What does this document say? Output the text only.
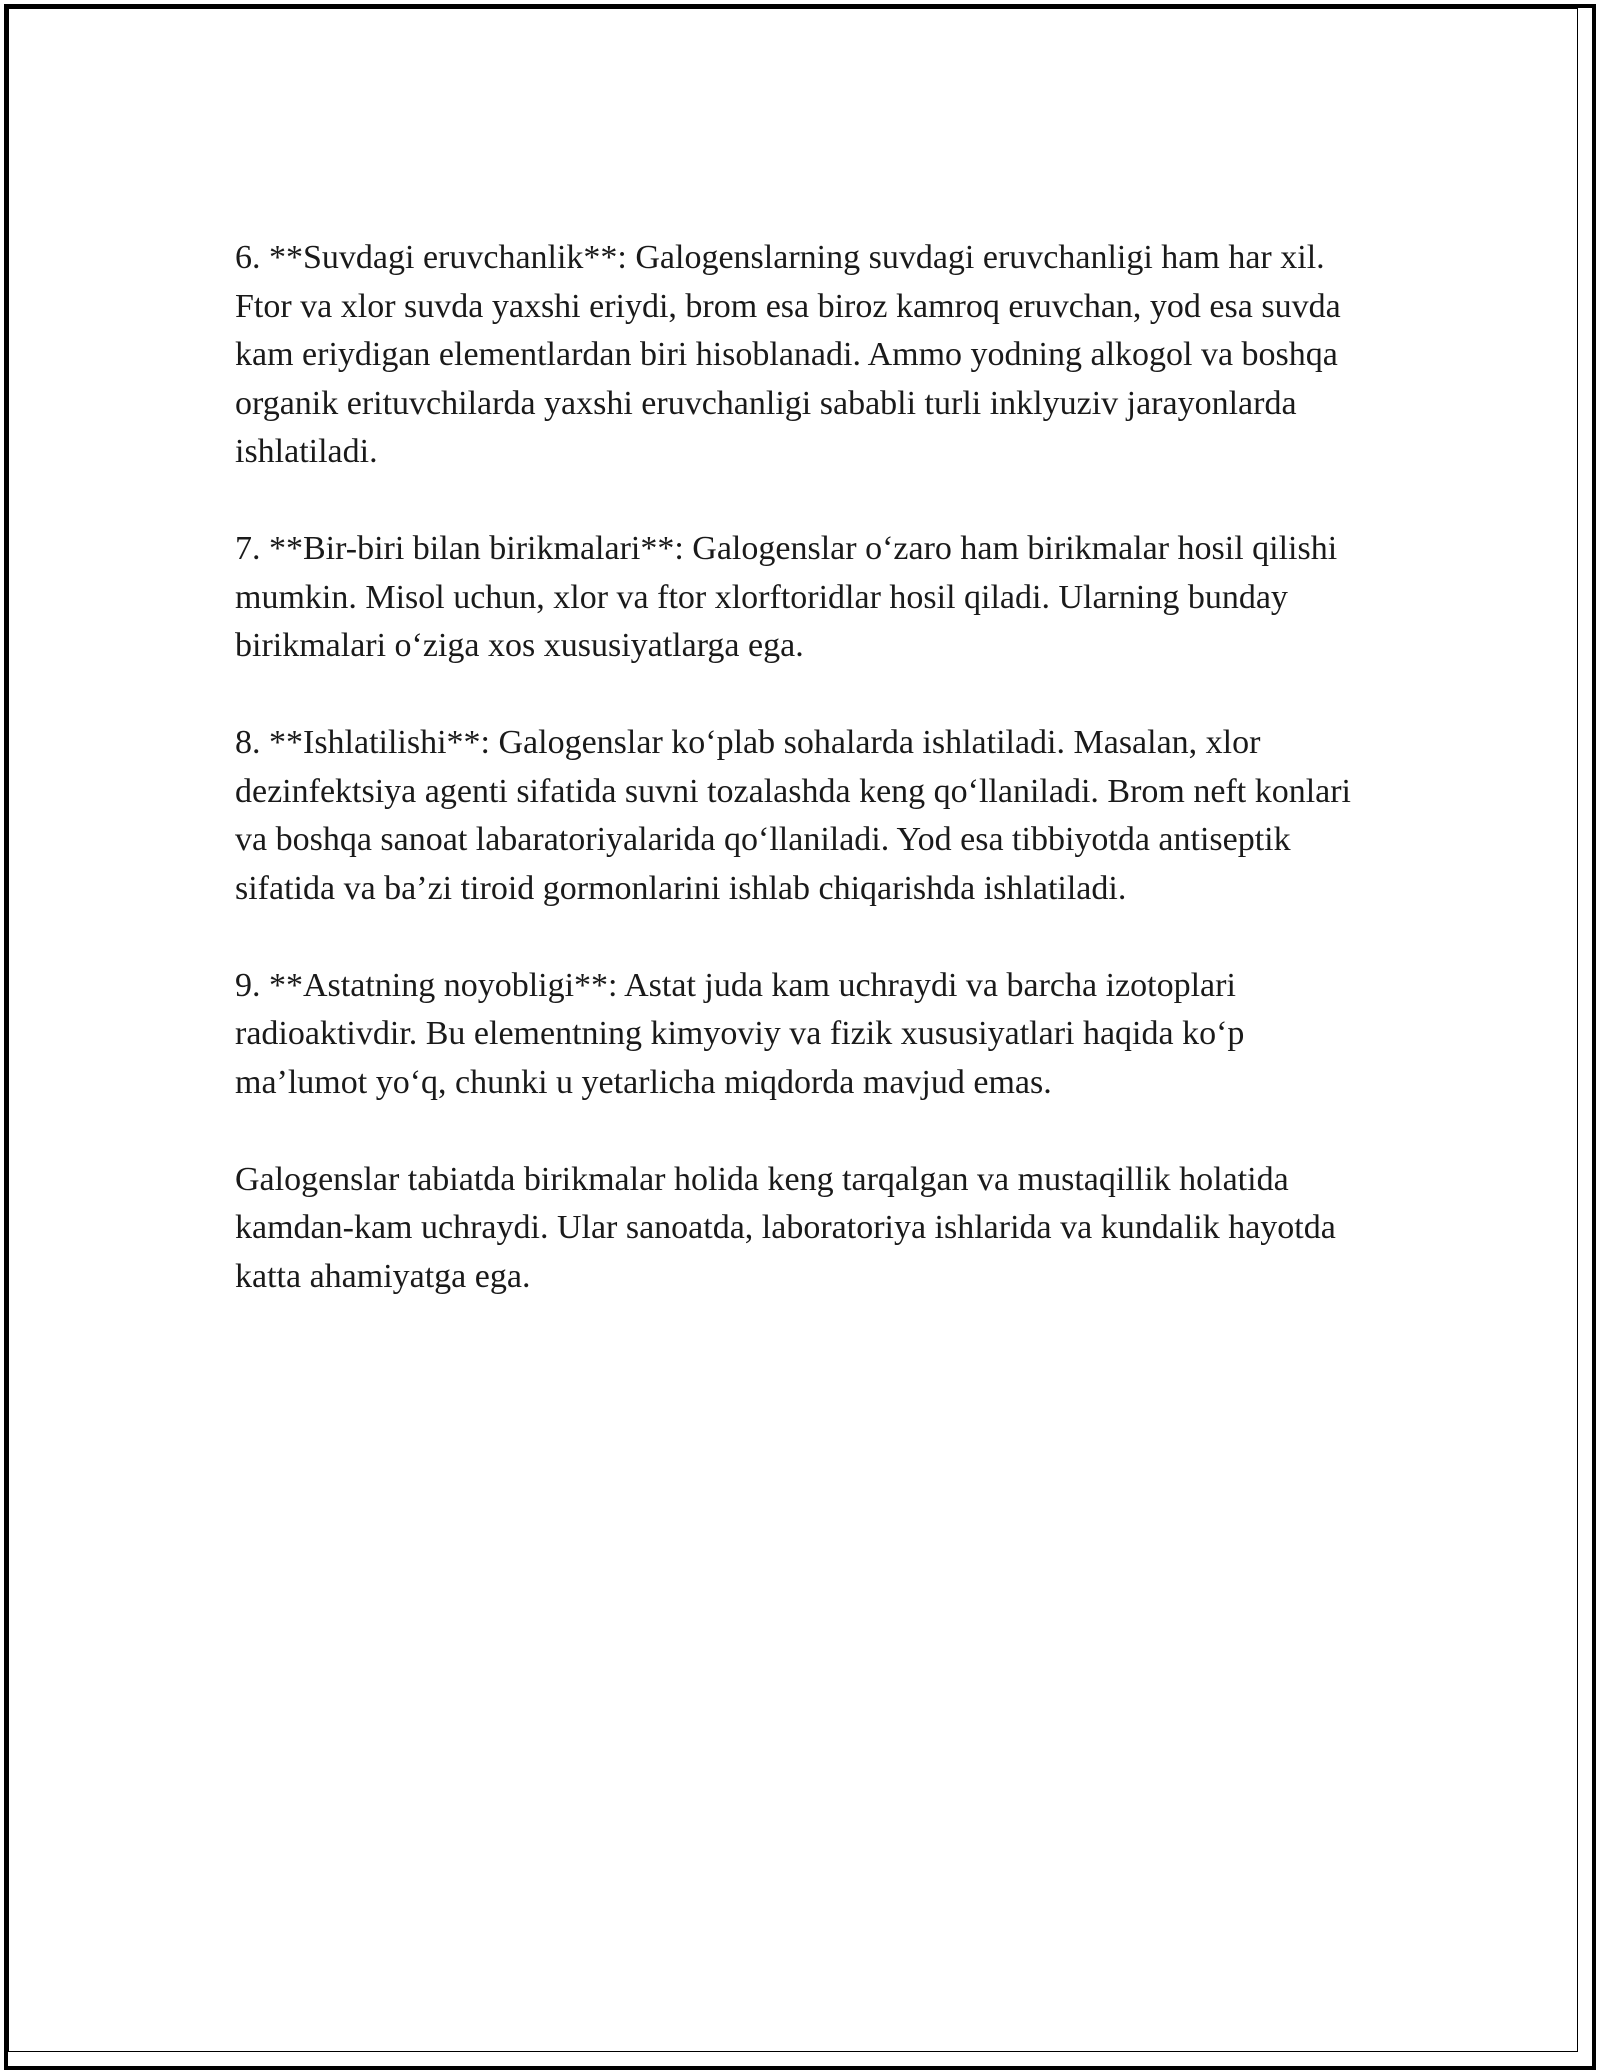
6. **Suvdagi eruvchanlik**: Galogenslarning suvdagi eruvchanligi ham har xil. Ftor va xlor suvda yaxshi eriydi, brom esa biroz kamroq eruvchan, yod esa suvda kam eriydigan elementlardan biri hisoblanadi. Ammo yodning alkogol va boshqa organik erituvchilarda yaxshi eruvchanligi sababli turli inklyuziv jarayonlarda ishlatiladi.

7. **Bir-biri bilan birikmalari**: Galogenslar o‘zaro ham birikmalar hosil qilishi mumkin. Misol uchun, xlor va ftor xlorftoridlar hosil qiladi. Ularning bunday birikmalari o‘ziga xos xususiyatlarga ega.

8. **Ishlatilishi**: Galogenslar ko‘plab sohalarda ishlatiladi. Masalan, xlor dezinfektsiya agenti sifatida suvni tozalashda keng qo‘llaniladi. Brom neft konlari va boshqa sanoat labaratoriyalarida qo‘llaniladi. Yod esa tibbiyotda antiseptik sifatida va ba’zi tiroid gormonlarini ishlab chiqarishda ishlatiladi.

9. **Astatning noyobligi**: Astat juda kam uchraydi va barcha izotoplari radioaktivdir. Bu elementning kimyoviy va fizik xususiyatlari haqida ko‘p ma’lumot yo‘q, chunki u yetarlicha miqdorda mavjud emas.

Galogenslar tabiatda birikmalar holida keng tarqalgan va mustaqillik holatida kamdan-kam uchraydi. Ular sanoatda, laboratoriya ishlarida va kundalik hayotda katta ahamiyatga ega.
